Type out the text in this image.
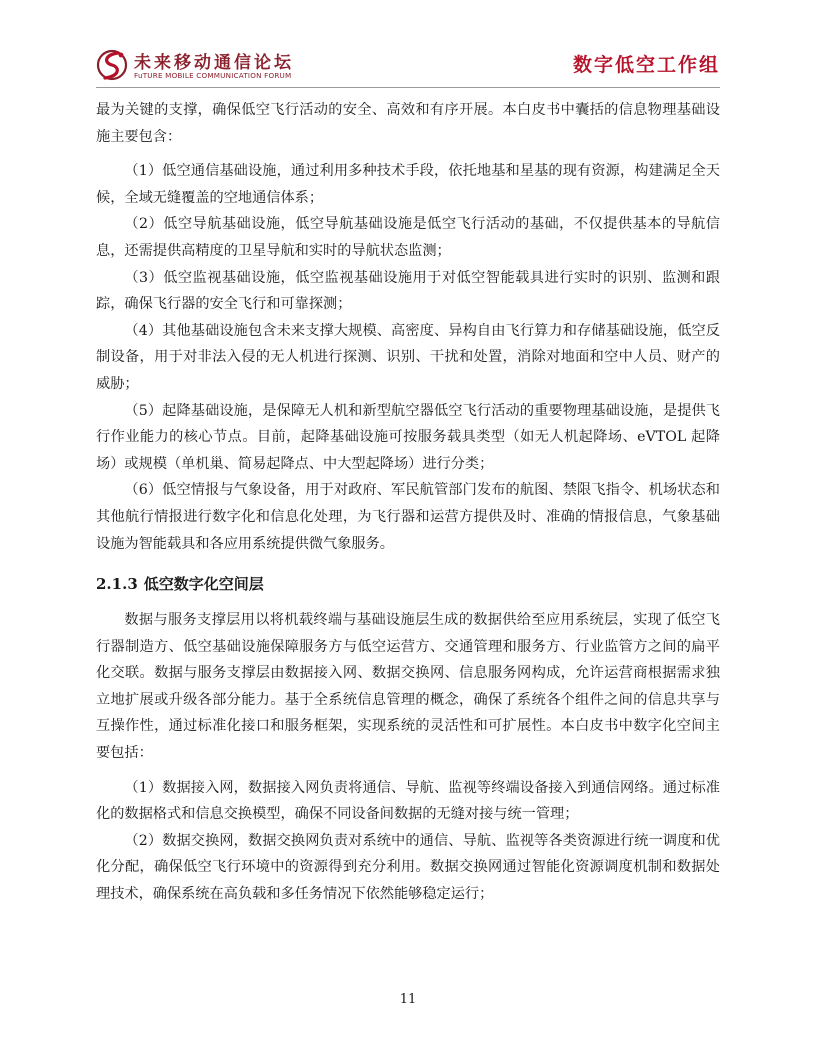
未来移动通信论坛
FuTURE MOBILE COMMUNICATION FORUM	数字低空工作组

最为关键的支撑，确保低空飞行活动的安全、高效和有序开展。本白皮书中囊括的信息物理基础设施主要包含：

（1）低空通信基础设施，通过利用多种技术手段，依托地基和星基的现有资源，构建满足全天候，全域无缝覆盖的空地通信体系；

（2）低空导航基础设施，低空导航基础设施是低空飞行活动的基础，不仅提供基本的导航信息，还需提供高精度的卫星导航和实时的导航状态监测；

（3）低空监视基础设施，低空监视基础设施用于对低空智能载具进行实时的识别、监测和跟踪，确保飞行器的安全飞行和可靠探测；

（4）其他基础设施包含未来支撑大规模、高密度、异构自由飞行算力和存储基础设施，低空反制设备，用于对非法入侵的无人机进行探测、识别、干扰和处置，消除对地面和空中人员、财产的威胁；

（5）起降基础设施，是保障无人机和新型航空器低空飞行活动的重要物理基础设施，是提供飞行作业能力的核心节点。目前，起降基础设施可按服务载具类型（如无人机起降场、eVTOL 起降场）或规模（单机巢、简易起降点、中大型起降场）进行分类；

（6）低空情报与气象设备，用于对政府、军民航管部门发布的航图、禁限飞指令、机场状态和其他航行情报进行数字化和信息化处理，为飞行器和运营方提供及时、准确的情报信息，气象基础设施为智能载具和各应用系统提供微气象服务。

2.1.3 低空数字化空间层

数据与服务支撑层用以将机载终端与基础设施层生成的数据供给至应用系统层，实现了低空飞行器制造方、低空基础设施保障服务方与低空运营方、交通管理和服务方、行业监管方之间的扁平化交联。数据与服务支撑层由数据接入网、数据交换网、信息服务网构成，允许运营商根据需求独立地扩展或升级各部分能力。基于全系统信息管理的概念，确保了系统各个组件之间的信息共享与互操作性，通过标准化接口和服务框架，实现系统的灵活性和可扩展性。本白皮书中数字化空间主要包括：

（1）数据接入网，数据接入网负责将通信、导航、监视等终端设备接入到通信网络。通过标准化的数据格式和信息交换模型，确保不同设备间数据的无缝对接与统一管理；

（2）数据交换网，数据交换网负责对系统中的通信、导航、监视等各类资源进行统一调度和优化分配，确保低空飞行环境中的资源得到充分利用。数据交换网通过智能化资源调度机制和数据处理技术，确保系统在高负载和多任务情况下依然能够稳定运行；

11
